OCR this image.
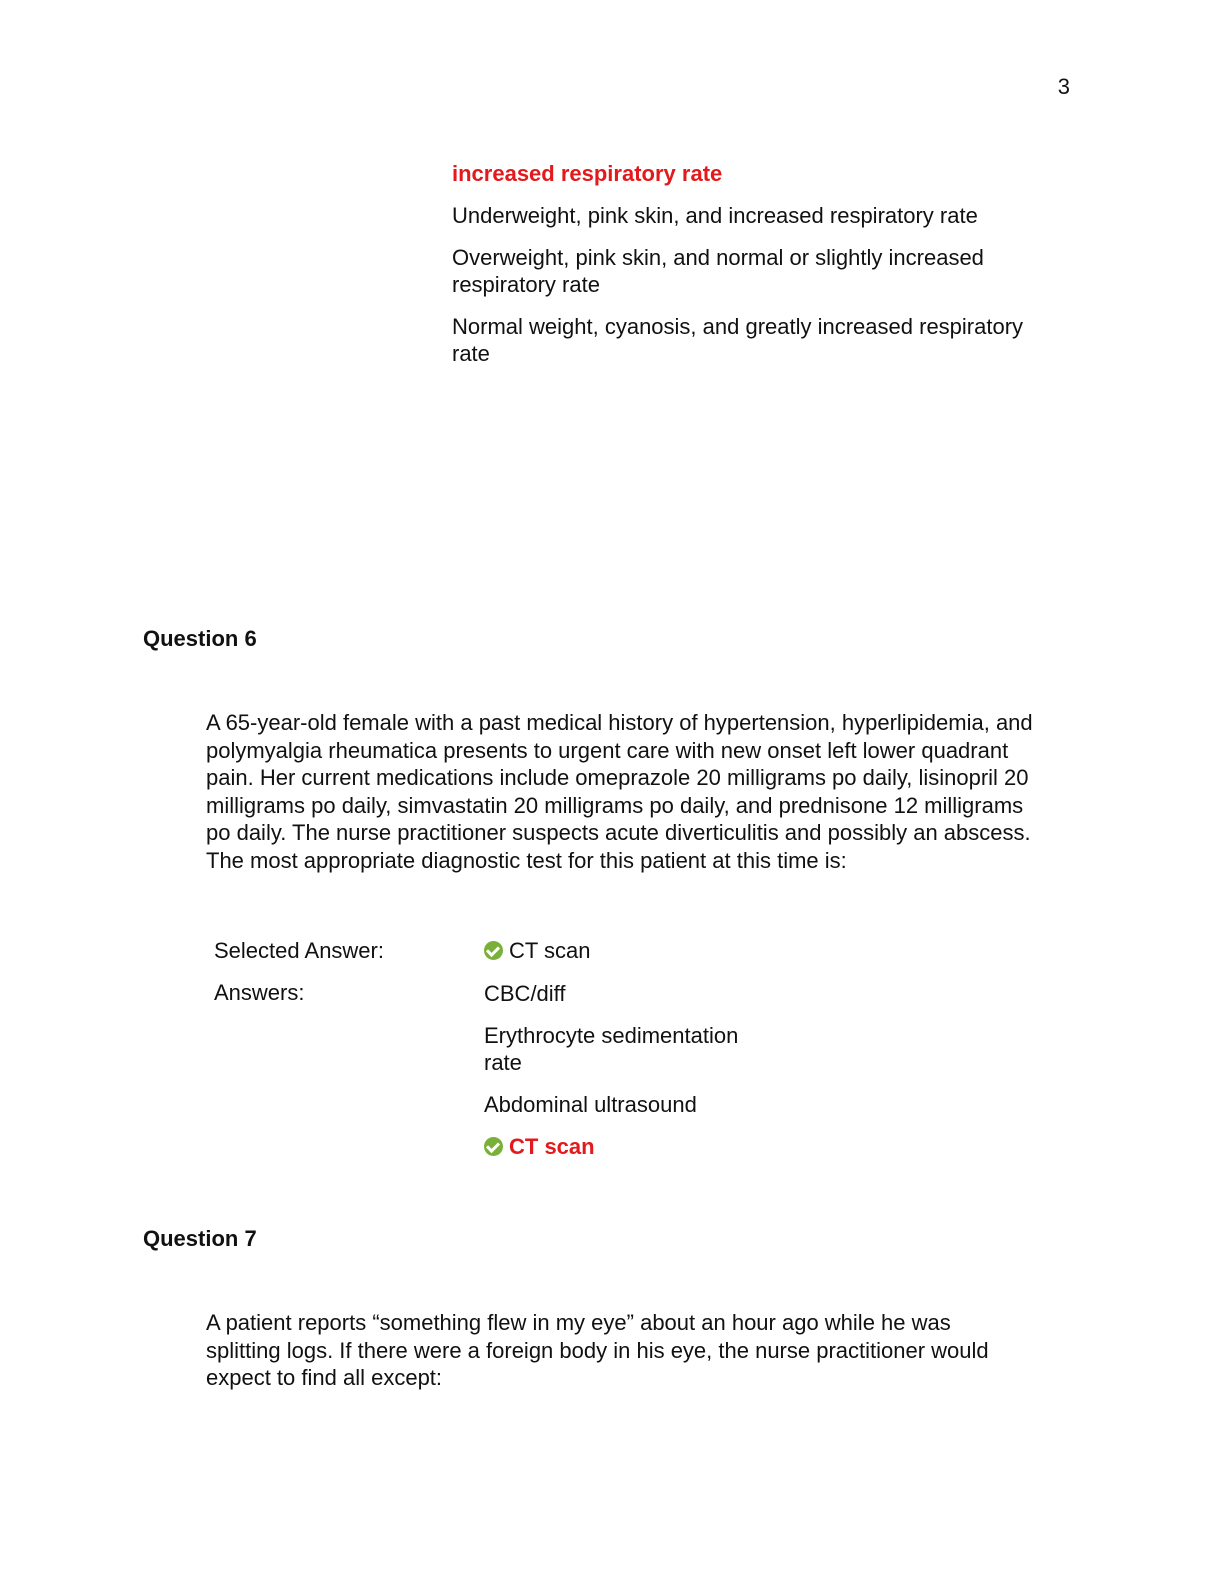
3
increased respiratory rate
Underweight, pink skin, and increased respiratory rate
Overweight, pink skin, and normal or slightly increased respiratory rate
Normal weight, cyanosis, and greatly increased respiratory rate
Question 6
A 65-year-old female with a past medical history of hypertension, hyperlipidemia, and polymyalgia rheumatica presents to urgent care with new onset left lower quadrant pain. Her current medications include omeprazole 20 milligrams po daily, lisinopril 20 milligrams po daily, simvastatin 20 milligrams po daily, and prednisone 12 milligrams po daily. The nurse practitioner suspects acute diverticulitis and possibly an abscess. The most appropriate diagnostic test for this patient at this time is:
Selected Answer:	CT scan
Answers:	CBC/diff
Erythrocyte sedimentation rate
Abdominal ultrasound
CT scan
Question 7
A patient reports “something flew in my eye” about an hour ago while he was splitting logs. If there were a foreign body in his eye, the nurse practitioner would expect to find all except:
